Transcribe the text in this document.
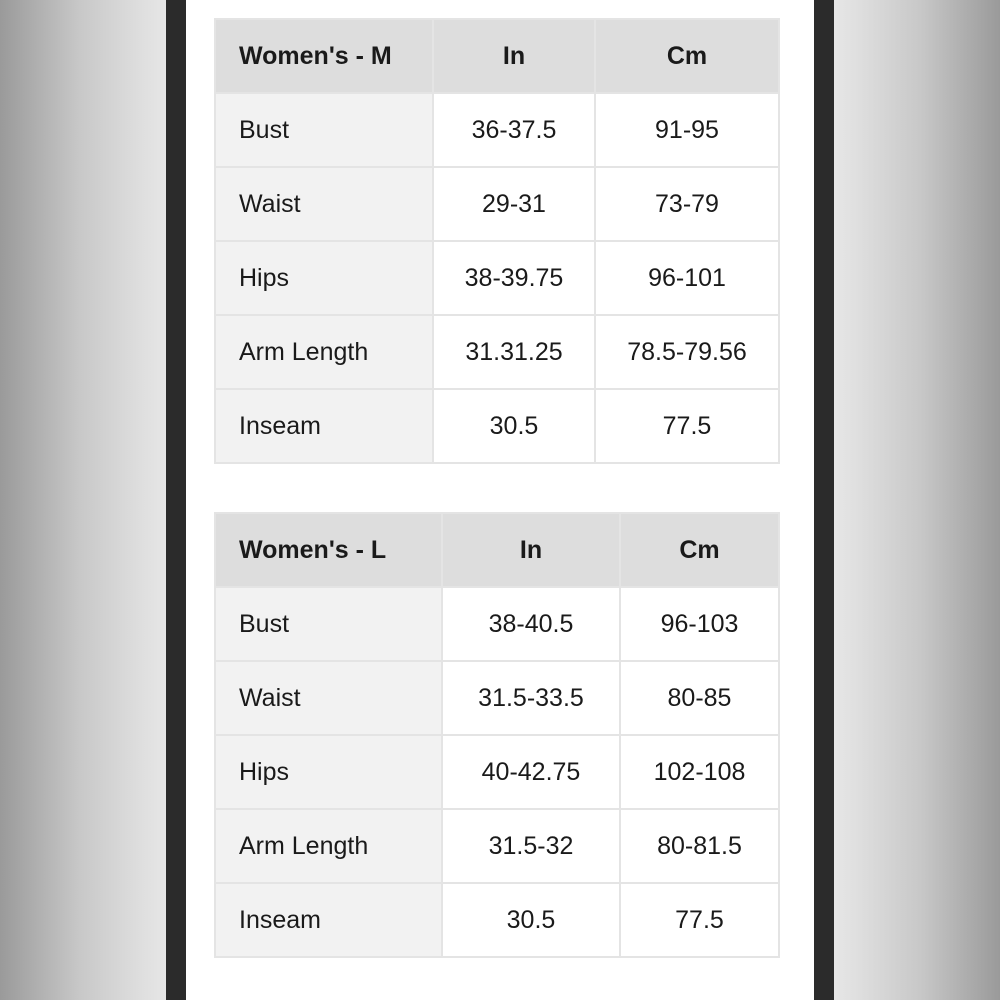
Women's - M	In	Cm
Bust	36-37.5	91-95
Waist	29-31	73-79
Hips	38-39.75	96-101
Arm Length	31.31.25	78.5-79.56
Inseam	30.5	77.5
Women's - L	In	Cm
Bust	38-40.5	96-103
Waist	31.5-33.5	80-85
Hips	40-42.75	102-108
Arm Length	31.5-32	80-81.5
Inseam	30.5	77.5
